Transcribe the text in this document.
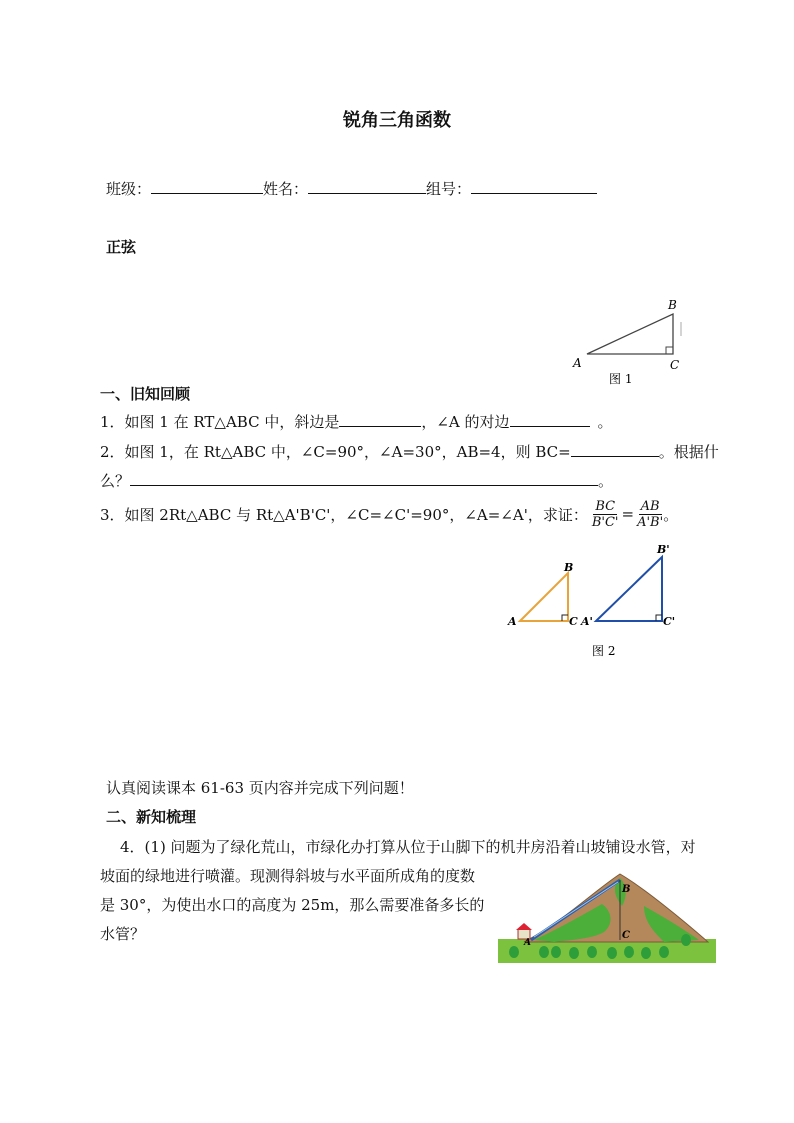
锐角三角函数
班级：	姓名：	组号：
正弦
A
B
C
图 1
一、旧知回顾
1．如图 1 在 RT△ABC 中，斜边是	，∠A 的对边	。
2．如图 1，在 Rt△ABC 中，∠C=90°，∠A=30°，AB=4，则 BC=	。根据什
么？	。
3．如图 2Rt△ABC 与 Rt△A'B'C'，∠C=∠C'=90°，∠A=∠A'，求证： $\frac{BC}{B'C'} = \frac{AB}{A'B'}$ 。
A
B
C A'
B'
C'
图 2
认真阅读课本 61-63 页内容并完成下列问题！
二、新知梳理
4．(1) 问题为了绿化荒山，市绿化办打算从位于山脚下的机井房沿着山坡铺设水管，对
坡面的绿地进行喷灌。现测得斜坡与水平面所成角的度数
是 30°，为使出水口的高度为 25m，那么需要准备多长的
水管？	A
B
C
